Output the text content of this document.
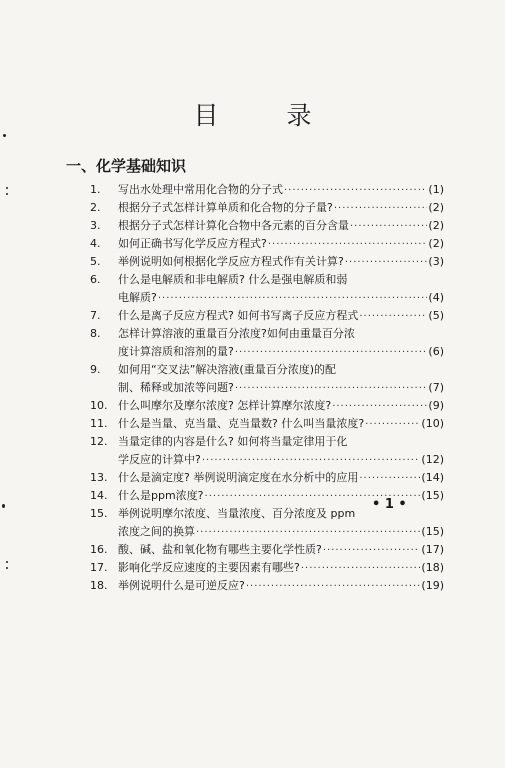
目 录
一、化学基础知识
1.	写出水处理中常用化合物的分子式 ·····	(1)
2.	根据分子式怎样计算单质和化合物的分子量? ·····	(2)
3.	根据分子式怎样计算化合物中各元素的百分含量 ·····	(2)
4.	如何正确书写化学反应方程式? ·····	(2)
5.	举例说明如何根据化学反应方程式作有关计算? ·····	(3)
6.	什么是电解质和非电解质? 什么是强电解质和弱
电解质? ·····	(4)
7.	什么是离子反应方程式? 如何书写离子反应方程式 ·····	(5)
8.	怎样计算溶液的重量百分浓度?如何由重量百分浓
度计算溶质和溶剂的量? ·····	(6)
9.	如何用“交叉法”解决溶液(重量百分浓度)的配
制、稀释或加浓等问题? ·····	(7)
10. 什么叫摩尔及摩尔浓度? 怎样计算摩尔浓度? ·····	(9)
11. 什么是当量、克当量、克当量数? 什么叫当量浓度? ·····	(10)
12. 当量定律的内容是什么? 如何将当量定律用于化
学反应的计算中? ·····	(12)
13. 什么是滴定度? 举例说明滴定度在水分析中的应用 ·····	(14)
14. 什么是ppm浓度? ·····	(15)
15. 举例说明摩尔浓度、当量浓度、百分浓度及 ppm
浓度之间的换算 ·····	(15)
16. 酸、碱、盐和氧化物有哪些主要化学性质? ·····	(17)
17. 影响化学反应速度的主要因素有哪些? ·····	(18)
18. 举例说明什么是可逆反应? ·····	(19)
• 1 •
